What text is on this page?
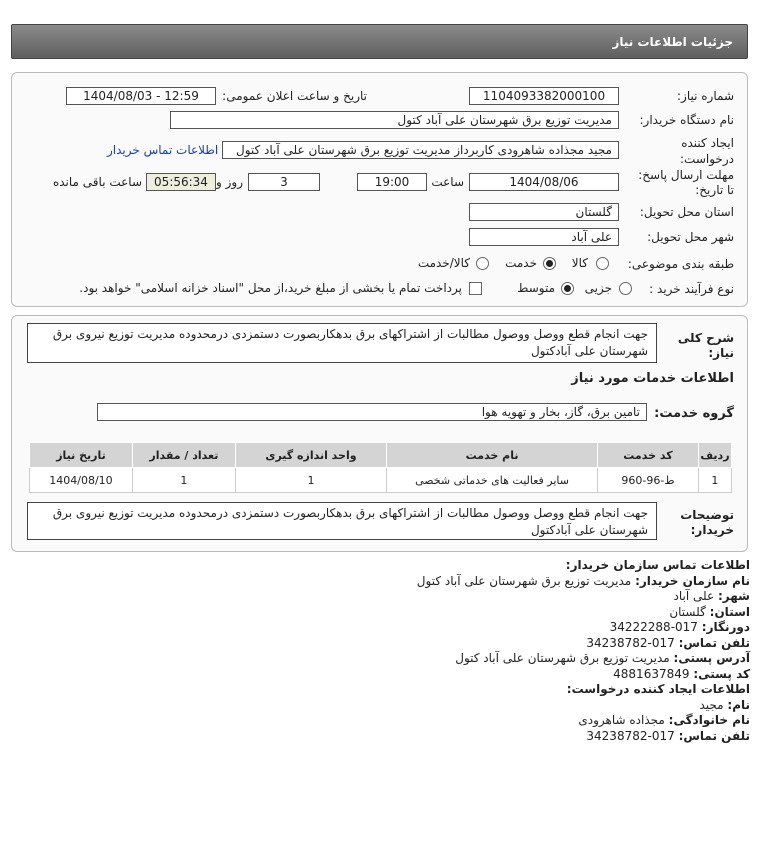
جزئیات اطلاعات نیاز
شماره نیاز:
1104093382000100
تاریخ و ساعت اعلان عمومی:
1404/08/03 - 12:59
نام دستگاه خریدار:
مدیریت توزیع برق شهرستان علی آباد کتول
ایجاد کننده
درخواست:
مجید مجذاده شاهرودی کاربرداز مدیریت توزیع برق شهرستان علی آباد کتول
اطلاعات تماس خریدار
مهلت ارسال پاسخ:
تا تاریخ:
1404/08/06
ساعت
19:00
3
روز و
05:56:34
ساعت باقی مانده
استان محل تحویل:
گلستان
شهر محل تحویل:
علی آباد
طبقه بندی موضوعی:
کالا
خدمت
کالا/خدمت
نوع فرآیند خرید :
جزیی
متوسط
پرداخت تمام یا بخشی از مبلغ خرید،از محل "اسناد خزانه اسلامی" خواهد بود.
شرح کلی
نیاز:
جهت انجام قطع ووصل ووصول مطالبات از اشتراکهای برق بدهکاربصورت دستمزدی درمحدوده مدیریت توزیع نیروی برق شهرستان علی آبادکتول
اطلاعات خدمات مورد نیاز
گروه خدمت:
تامین برق، گاز، بخار و تهویه هوا
ردیف	کد خدمت	نام خدمت	واحد اندازه گیری	تعداد / مقدار	تاریخ نیاز
1	ط-96-960	سایر فعالیت های خدماتی شخصی	1	1	1404/08/10
توضیحات
خریدار:
جهت انجام قطع ووصل ووصول مطالبات از اشتراکهای برق بدهکاربصورت دستمزدی درمحدوده مدیریت توزیع نیروی برق شهرستان علی آبادکتول
اطلاعات تماس سازمان خریدار:
نام سازمان خریدار: مدیریت توزیع برق شهرستان علی آباد کتول
شهر: علی آباد
استان: گلستان
دورنگار: 017-34222288
تلفن تماس: 017-34238782
آدرس پستی: مدیریت توزیع برق شهرستان علی آباد کتول
کد پستی: 4881637849
اطلاعات ایجاد کننده درخواست:
نام: مجید
نام خانوادگی: مجذاده شاهرودی
تلفن تماس: 017-34238782
